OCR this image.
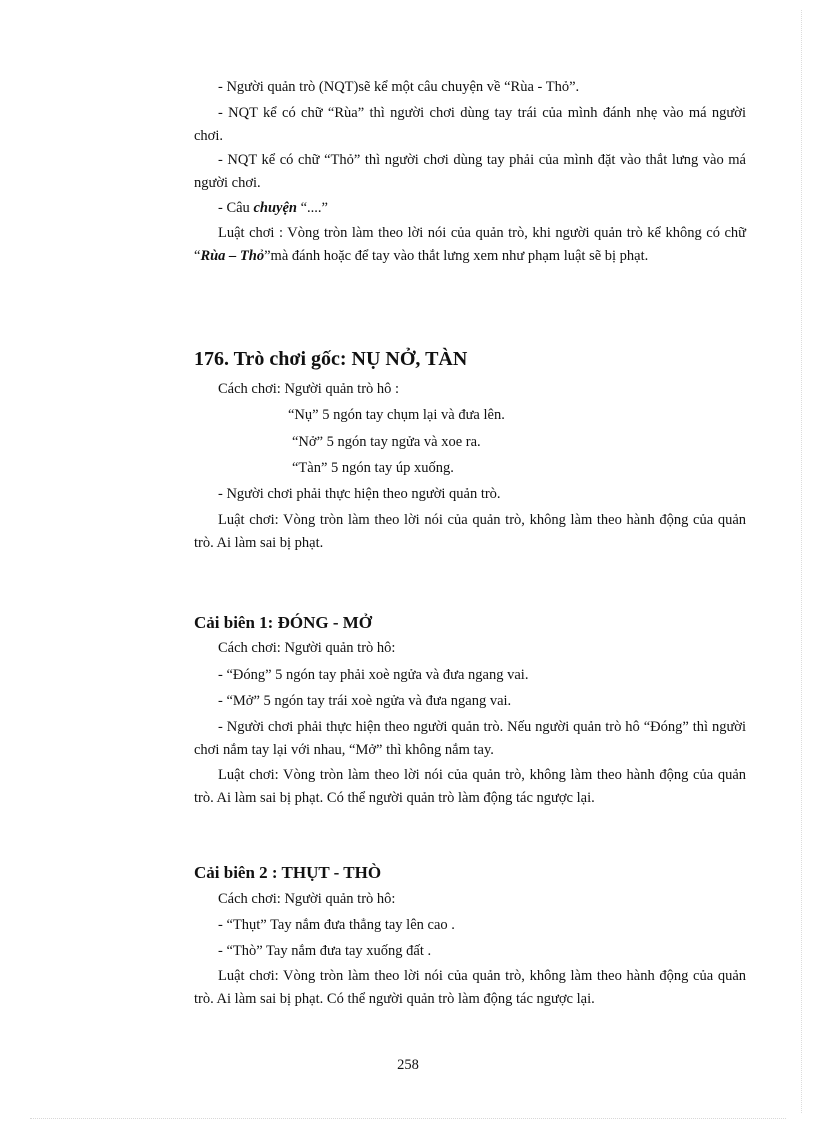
- Người quản trò (NQT)sẽ kể một câu chuyện về “Rùa - Thỏ”.

- NQT kể có chữ “Rùa” thì người chơi dùng tay trái của mình đánh nhẹ vào má người chơi.

- NQT kể có chữ “Thỏ” thì người chơi dùng tay phải của mình đặt vào thắt lưng vào má người chơi.

- Câu chuyện “....”

Luật chơi : Vòng tròn làm theo lời nói của quản trò, khi người quản trò kể không có chữ “Rùa – Thỏ”mà đánh hoặc để tay vào thắt lưng xem như phạm luật sẽ bị phạt.

176. Trò chơi gốc: NỤ NỞ, TÀN

Cách chơi: Người quản trò hô :

“Nụ” 5 ngón tay chụm lại và đưa lên.

“Nở” 5 ngón tay ngửa và xoe ra.

“Tàn” 5 ngón tay úp xuống.

- Người chơi phải thực hiện theo người quản trò.

Luật chơi: Vòng tròn làm theo lời nói của quản trò, không làm theo hành động của quản trò. Ai làm sai bị phạt.

Cải biên 1: ĐÓNG - MỞ

Cách chơi: Người quản trò hô:

- “Đóng” 5 ngón tay phải xoè ngửa và đưa ngang vai.

- “Mở” 5 ngón tay trái xoè ngửa và đưa ngang vai.

- Người chơi phải thực hiện theo người quản trò. Nếu người quản trò hô “Đóng” thì người chơi nắm tay lại với nhau, “Mở” thì không nắm tay.

Luật chơi: Vòng tròn làm theo lời nói của quản trò, không làm theo hành động của quản trò. Ai làm sai bị phạt. Có thể người quản trò làm động tác ngược lại.

Cải biên 2 : THỤT - THÒ

Cách chơi: Người quản trò hô:

- “Thụt” Tay nắm đưa thẳng tay lên cao .

- “Thò” Tay nắm đưa tay xuống đất .

Luật chơi: Vòng tròn làm theo lời nói của quản trò, không làm theo hành động của quản trò. Ai làm sai bị phạt. Có thể người quản trò làm động tác ngược lại.

258
